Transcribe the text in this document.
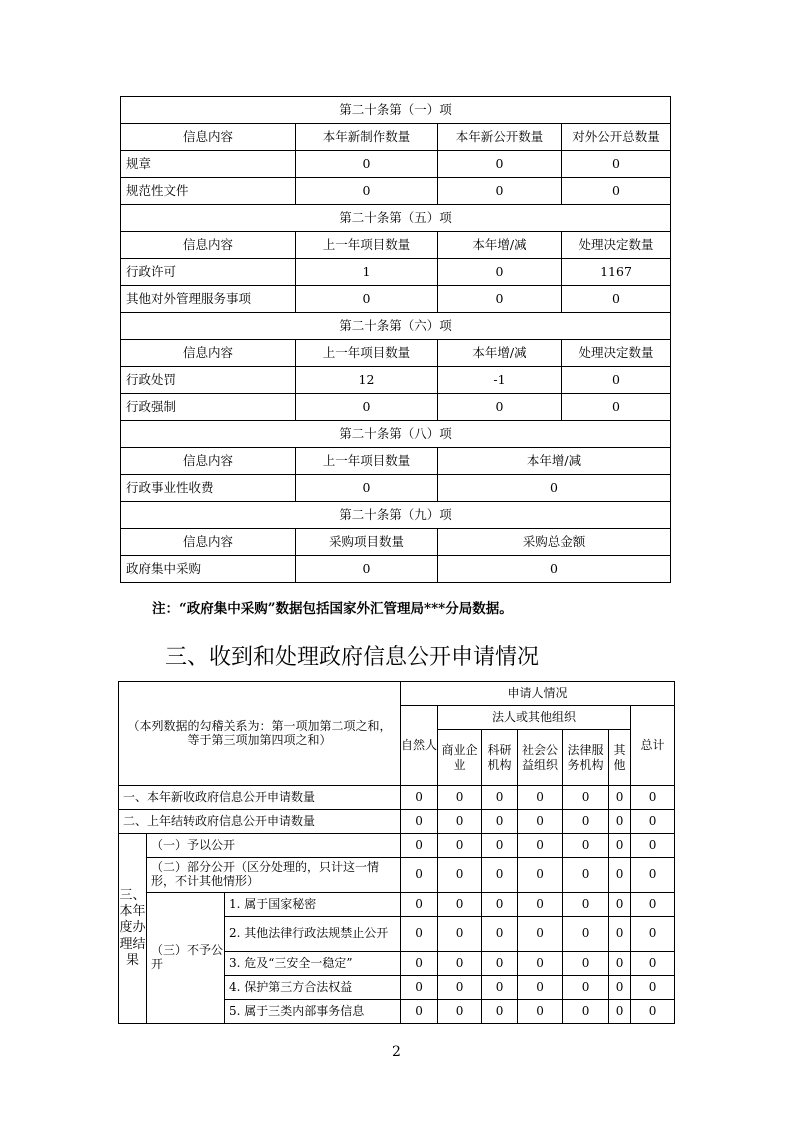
第二十条第（一）项			
信息内容	本年新制作数量	本年新公开数量	对外公开总数量
规章	0	0	0
规范性文件	0	0	0
第二十条第（五）项			
信息内容	上一年项目数量	本年增/减	处理决定数量
行政许可	1	0	1167
其他对外管理服务事项	0	0	0
第二十条第（六）项			
信息内容	上一年项目数量	本年增/减	处理决定数量
行政处罚	12	-1	0
行政强制	0	0	0
第二十条第（八）项			
信息内容	上一年项目数量	本年增/减	
行政事业性收费	0	0	
第二十条第（九）项			
信息内容	采购项目数量	采购总金额	
政府集中采购	0	0	
注：“政府集中采购”数据包括国家外汇管理局***分局数据。
三、收到和处理政府信息公开申请情况
（本列数据的勾稽关系为：第一项加第二项之和，等于第三项加第四项之和）			申请人情况						
			自然人	法人或其他组织					总计
				商业企业	科研机构	社会公益组织	法律服务机构	其他	
一、本年新收政府信息公开申请数量			0	0	0	0	0	0	0
二、上年结转政府信息公开申请数量			0	0	0	0	0	0	0
三、本年度办理结果	（一）予以公开		0	0	0	0	0	0	0
	（二）部分公开（区分处理的，只计这一情形，不计其他情形）		0	0	0	0	0	0	0
	（三）不予公开	1. 属于国家秘密	0	0	0	0	0	0	0
		2. 其他法律行政法规禁止公开	0	0	0	0	0	0	0
		3. 危及“三安全一稳定”	0	0	0	0	0	0	0
		4. 保护第三方合法权益	0	0	0	0	0	0	0
		5. 属于三类内部事务信息	0	0	0	0	0	0	0
2
